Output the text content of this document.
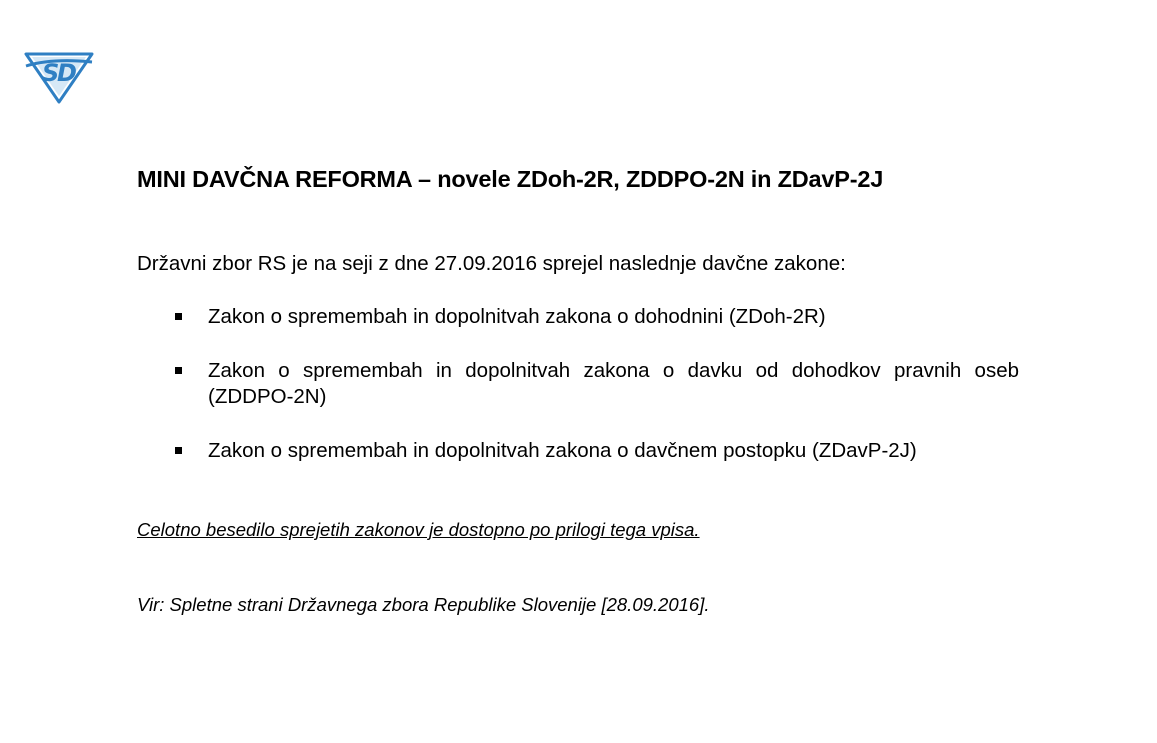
S
D
MINI DAVČNA REFORMA – novele ZDoh-2R, ZDDPO-2N in ZDavP-2J

Državni zbor RS je na seji z dne 27.09.2016 sprejel naslednje davčne zakone:

Zakon o spremembah in dopolnitvah zakona o dohodnini (ZDoh-2R)
Zakon o spremembah in dopolnitvah zakona o davku od dohodkov pravnih oseb (ZDDPO-2N)
Zakon o spremembah in dopolnitvah zakona o davčnem postopku (ZDavP-2J)

Celotno besedilo sprejetih zakonov je dostopno po prilogi tega vpisa.

Vir: Spletne strani Državnega zbora Republike Slovenije [28.09.2016].
